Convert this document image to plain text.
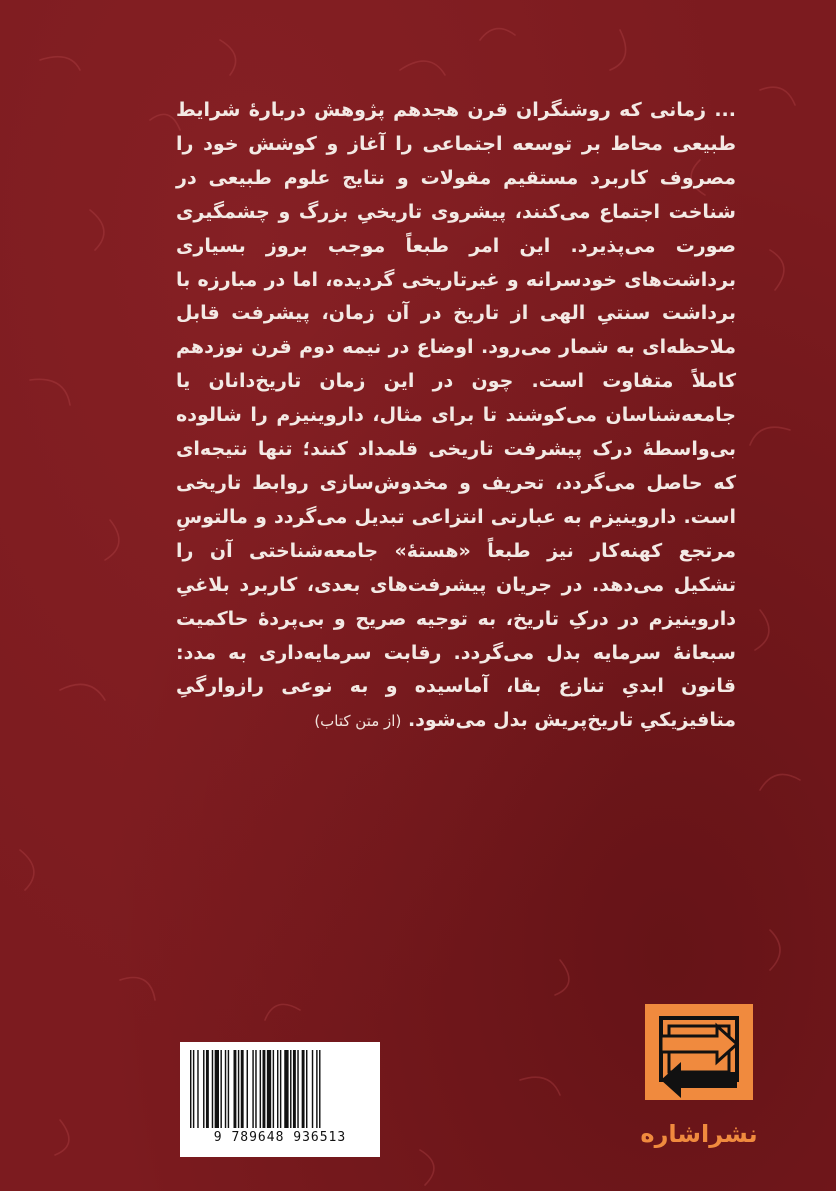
... زمانی که روشنگران قرن هجدهم پژوهش دربارهٔ شرایط طبیعی محاط بر توسعه اجتماعی را آغاز و کوشش خود را مصروف کاربرد مستقیم مقولات و نتایج علوم طبیعی در شناخت اجتماع می‌کنند، پیشروی تاریخیِ بزرگ و چشمگیری صورت می‌پذیرد. این امر طبعاً موجب بروز بسیاری برداشت‌های خودسرانه و غیرتاریخی گردیده، اما در مبارزه با برداشت سنتیِ الهی از تاریخ در آن زمان، پیشرفت قابل ملاحظه‌ای به شمار می‌رود. اوضاع در نیمه دوم قرن نوزدهم کاملاً متفاوت است. چون در این زمان تاریخ‌دانان یا جامعه‌شناسان می‌کوشند تا برای مثال، داروینیزم را شالوده بی‌واسطهٔ درک پیشرفت تاریخی قلمداد کنند؛ تنها نتیجه‌ای که حاصل می‌گردد، تحریف و مخدوش‌سازی روابط تاریخی است. داروینیزم به عبارتی انتزاعی تبدیل می‌گردد و مالتوسِ مرتجع کهنه‌کار نیز طبعاً «هستهٔ» جامعه‌شناختی آن را تشکیل می‌دهد. در جریان پیشرفت‌های بعدی، کاربرد بلاغیِ داروینیزم در درکِ تاریخ، به توجیه صریح و بی‌پردهٔ حاکمیت سبعانهٔ سرمایه بدل می‌گردد. رقابت سرمایه‌داری به مدد: قانون ابدیِ تنازع بقا، آماسیده و به نوعی رازوارگیِ متافیزیکیِ تاریخ‌پریش بدل می‌شود. (از متن کتاب)
9 789648 936513	نشراشاره
